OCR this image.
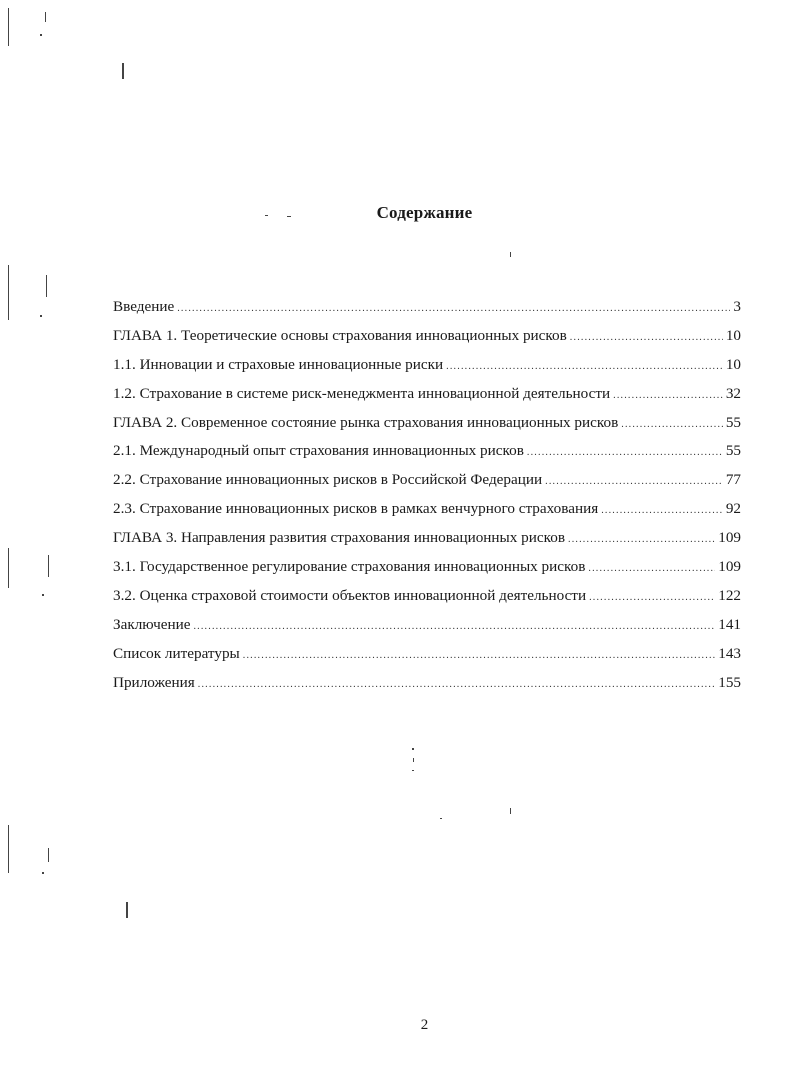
Содержание
Введение .....	3
ГЛАВА 1. Теоретические основы страхования инновационных рисков .....	10
1.1. Инновации и страховые инновационные риски .....	10
1.2. Страхование в системе риск-менеджмента инновационной деятельности .....	32
ГЛАВА 2. Современное состояние рынка страхования инновационных рисков .....	55
2.1. Международный опыт страхования инновационных рисков .....	55
2.2. Страхование инновационных рисков в Российской Федерации .....	77
2.3. Страхование инновационных рисков в рамках венчурного страхования .....	92
ГЛАВА 3. Направления развития страхования инновационных рисков .....	109
3.1. Государственное регулирование страхования инновационных рисков .....	109
3.2. Оценка страховой стоимости объектов инновационной деятельности .....	122
Заключение .....	141
Список литературы .....	143
Приложения .....	155
2
